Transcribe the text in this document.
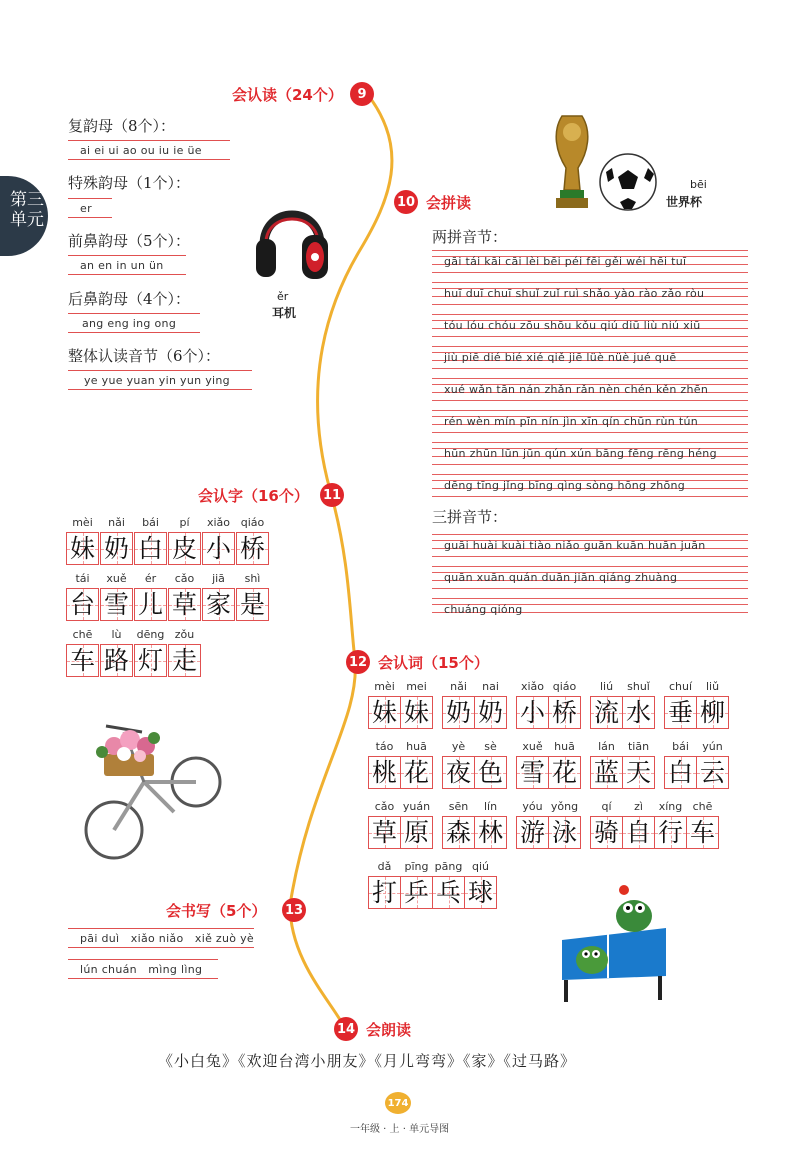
第三
单元
会认读（24个）	9
复韵母（8个）：
ai ei ui ao ou iu ie üe
特殊韵母（1个）：
er
前鼻韵母（5个）：
an en in un ün
后鼻韵母（4个）：
ang eng ing ong
整体认读音节（6个）：
ye yue yuan yin yun ying
ěr
耳机
bēi
世界杯
10 会拼读
两拼音节：
gāi tái kāi cāi lèi bēi péi fēi gěi wéi hēi tuī
huī duī chuī shuǐ zuǐ ruì shǎo yào rào zǎo ròu
tóu lóu chóu zōu shōu kǒu qiú diū liù niú xiū
jiù piē dié bié xié qiě jiē lüè nüè jué quē
xué wǎn tān nán zhǎn rǎn nèn chén kěn zhēn
rén wèn mín pīn nín jìn xīn qín chūn rùn tún
hūn zhūn lūn jūn qún xún bāng fēng rēng héng
dēng tīng jǐng bīng qìng sòng hōng zhōng
三拼音节：
guāi huài kuài tiào niǎo guān kuān huān juān
quān xuān quán duān jiān qiáng zhuàng
chuáng qióng
会认字（16个） 11
mèi
妹
nǎi
奶
bái
白
pí
皮
xiǎo
小
qiáo
桥
tái
台
xuě
雪
ér
儿
cǎo
草
jiā
家
shì
是
chē
车
lù
路
dēng
灯
zǒu
走	12 会认词（15个）
mèi
妹
mei
妹
nǎi
奶
nai
奶
xiǎo
小
qiáo
桥
liú
流
shuǐ
水
chuí
垂
liǔ
柳
táo
桃
huā
花
yè
夜
sè
色
xuě
雪
huā
花
lán
蓝
tiān
天
bái
白
yún
云
cǎo
草
yuán
原
sēn
森
lín
林
yóu
游
yǒng
泳
qí
骑
zì
自
xíng
行
chē
车
dǎ
打
pīng
乒
pāng
乓
qiú
球
会书写（5个） 13
pāi duì   xiǎo niǎo   xiě zuò yè
lún chuán   mìng lìng
14 会朗读
《小白兔》《欢迎台湾小朋友》《月儿弯弯》《家》《过马路》
174
一年级 · 上 · 单元导图
